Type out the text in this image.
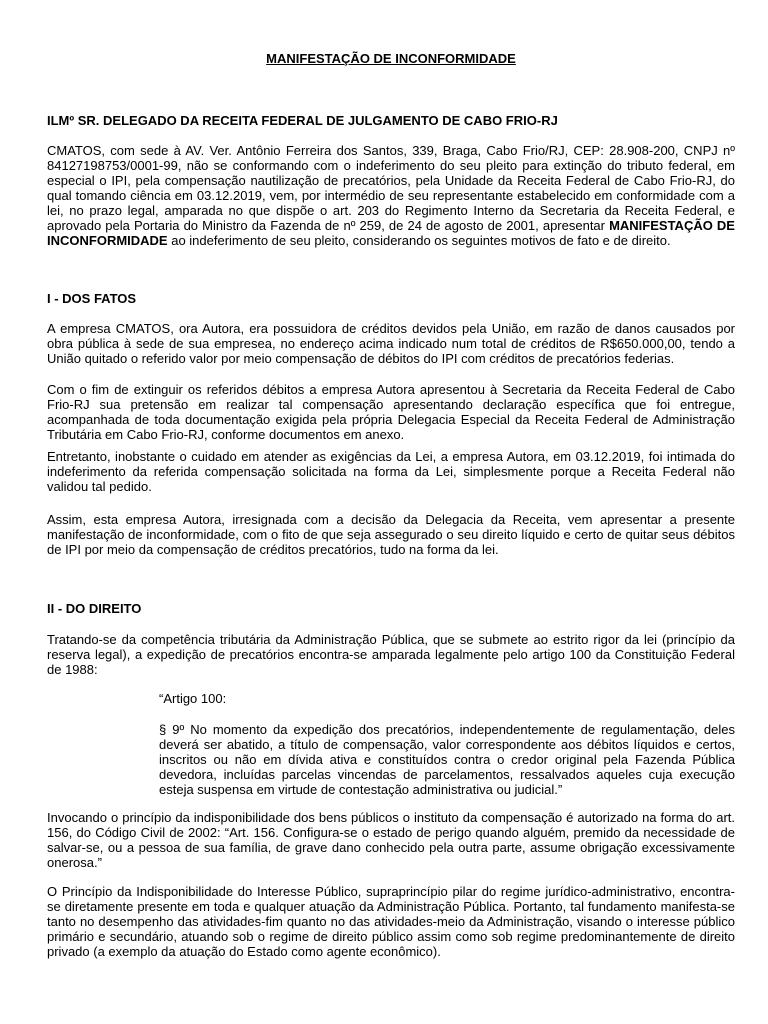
MANIFESTAÇÃO DE INCONFORMIDADE
ILMº SR. DELEGADO DA RECEITA FEDERAL DE JULGAMENTO DE CABO FRIO-RJ

CMATOS, com sede à AV. Ver. Antônio Ferreira dos Santos, 339, Braga, Cabo Frio/RJ, CEP: 28.908-200, CNPJ nº 84127198753/0001-99, não se conformando com o indeferimento do seu pleito para extinção do tributo federal, em especial o IPI, pela compensação nautilização de precatórios, pela Unidade da Receita Federal de Cabo Frio-RJ, do qual tomando ciência em 03.12.2019, vem, por intermédio de seu representante estabelecido em conformidade com a lei, no prazo legal, amparada no que dispõe o art. 203 do Regimento Interno da Secretaria da Receita Federal, e aprovado pela Portaria do Ministro da Fazenda de nº 259, de 24 de agosto de 2001, apresentar MANIFESTAÇÃO DE INCONFORMIDADE ao indeferimento de seu pleito, considerando os seguintes motivos de fato e de direito.

I - DOS FATOS

A empresa CMATOS, ora Autora, era possuidora de créditos devidos pela União, em razão de danos causados por obra pública à sede de sua empresea, no endereço acima indicado num total de créditos de R$650.000,00, tendo a União quitado o referido valor por meio compensação de débitos do IPI com créditos de precatórios federias.

Com o fim de extinguir os referidos débitos a empresa Autora apresentou à Secretaria da Receita Federal de Cabo Frio-RJ sua pretensão em realizar tal compensação apresentando declaração específica que foi entregue, acompanhada de toda documentação exigida pela própria Delegacia Especial da Receita Federal de Administração Tributária em Cabo Frio-RJ, conforme documentos em anexo.

Entretanto, inobstante o cuidado em atender as exigências da Lei, a empresa Autora, em 03.12.2019, foi intimada do indeferimento da referida compensação solicitada na forma da Lei, simplesmente porque a Receita Federal não validou tal pedido.

Assim, esta empresa Autora, irresignada com a decisão da Delegacia da Receita, vem apresentar a presente manifestação de inconformidade, com o fito de que seja assegurado o seu direito líquido e certo de quitar seus débitos de IPI por meio da compensação de créditos precatórios, tudo na forma da lei.

II - DO DIREITO

Tratando-se da competência tributária da Administração Pública, que se submete ao estrito rigor da lei (princípio da reserva legal), a expedição de precatórios encontra-se amparada legalmente pelo artigo 100 da Constituição Federal de 1988:

“Artigo 100:

§ 9º No momento da expedição dos precatórios, independentemente de regulamentação, deles deverá ser abatido, a título de compensação, valor correspondente aos débitos líquidos e certos, inscritos ou não em dívida ativa e constituídos contra o credor original pela Fazenda Pública devedora, incluídas parcelas vincendas de parcelamentos, ressalvados aqueles cuja execução esteja suspensa em virtude de contestação administrativa ou judicial.”

Invocando o princípio da indisponibilidade dos bens públicos o instituto da compensação é autorizado na forma do art. 156, do Código Civil de 2002: “Art. 156. Configura-se o estado de perigo quando alguém, premido da necessidade de salvar-se, ou a pessoa de sua família, de grave dano conhecido pela outra parte, assume obrigação excessivamente onerosa.”

O Princípio da Indisponibilidade do Interesse Público, supraprincípio pilar do regime jurídico-administrativo, encontra-se diretamente presente em toda e qualquer atuação da Administração Pública. Portanto, tal fundamento manifesta-se tanto no desempenho das atividades-fim quanto no das atividades-meio da Administração, visando o interesse público primário e secundário, atuando sob o regime de direito público assim como sob regime predominantemente de direito privado (a exemplo da atuação do Estado como agente econômico).
